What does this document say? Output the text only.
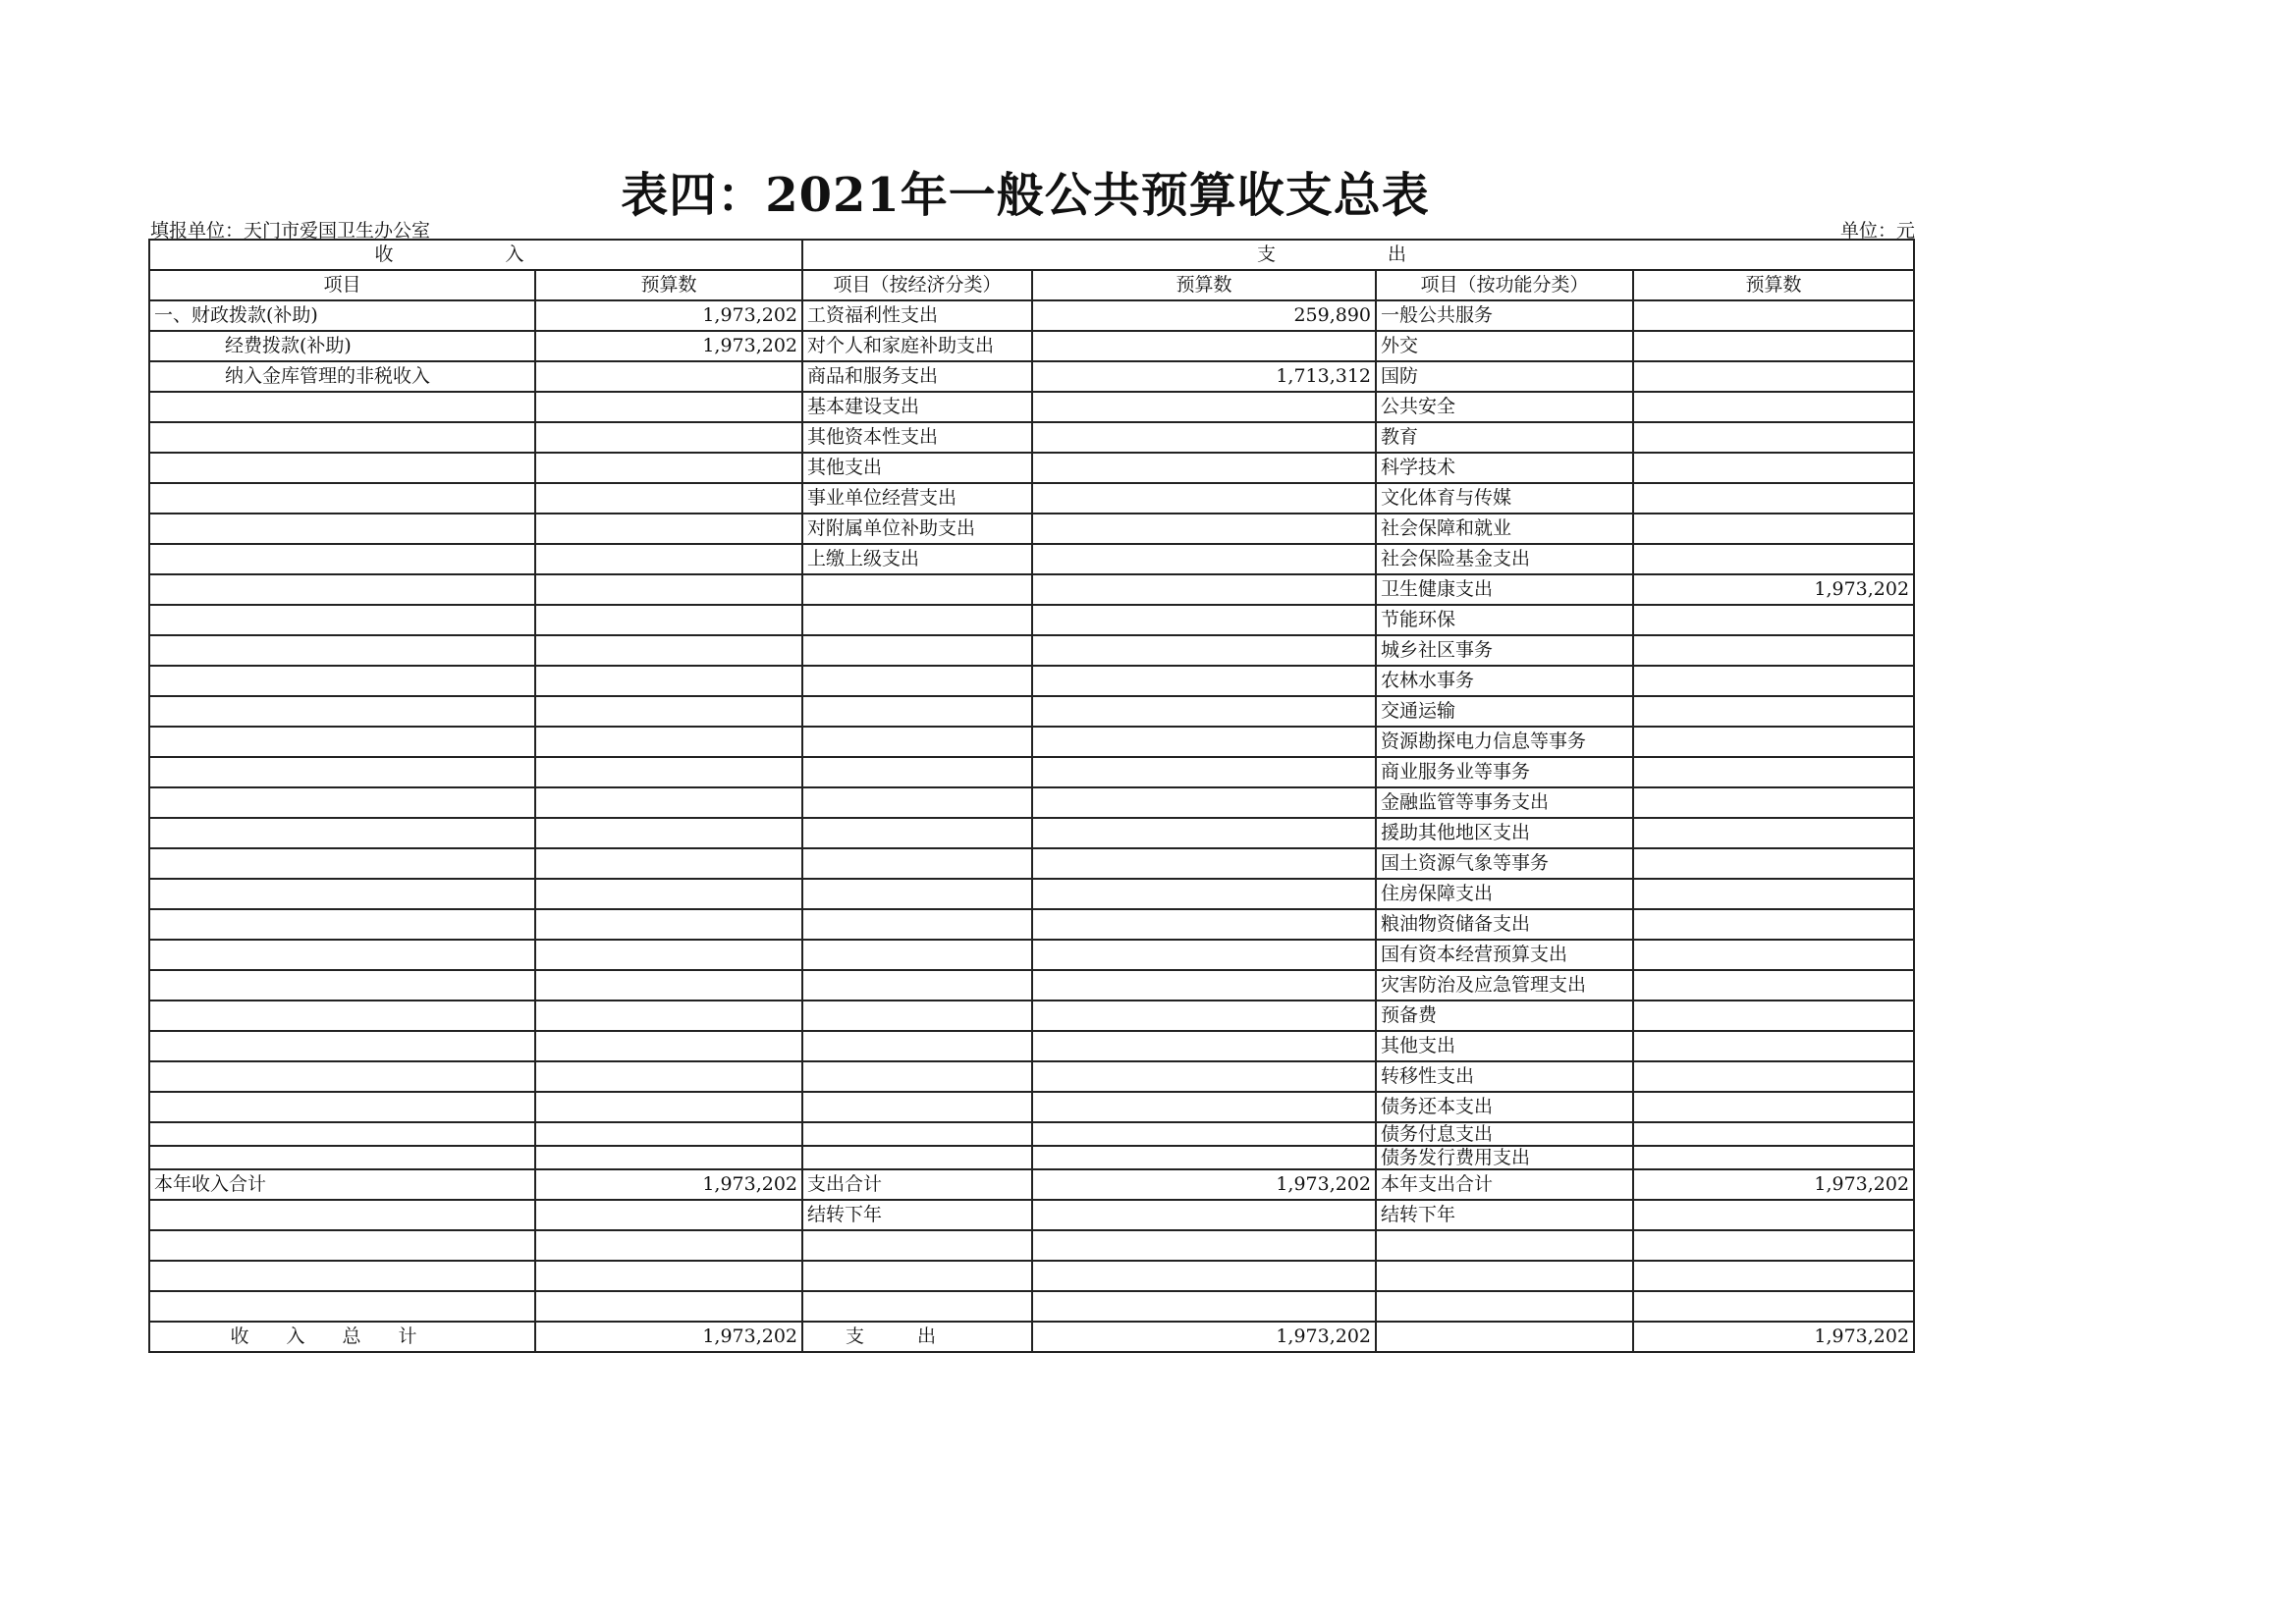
表四：2021年一般公共预算收支总表
填报单位：天门市爱国卫生办公室	单位：元
收 入		支 出			
项目	预算数	项目（按经济分类）	预算数	项目（按功能分类）	预算数
一、财政拨款(补助)	1,973,202	工资福利性支出	259,890	一般公共服务	
经费拨款(补助)	1,973,202	对个人和家庭补助支出		外交	
纳入金库管理的非税收入		商品和服务支出	1,713,312	国防	
		基本建设支出		公共安全	
		其他资本性支出		教育	
		其他支出		科学技术	
		事业单位经营支出		文化体育与传媒	
		对附属单位补助支出		社会保障和就业	
		上缴上级支出		社会保险基金支出	
				卫生健康支出	1,973,202
				节能环保	
				城乡社区事务	
				农林水事务	
				交通运输	
				资源勘探电力信息等事务	
				商业服务业等事务	
				金融监管等事务支出	
				援助其他地区支出	
				国土资源气象等事务	
				住房保障支出	
				粮油物资储备支出	
				国有资本经营预算支出	
				灾害防治及应急管理支出	
				预备费	
				其他支出	
				转移性支出	
				债务还本支出	
				债务付息支出	
				债务发行费用支出	
本年收入合计	1,973,202	支出合计	1,973,202	本年支出合计	1,973,202
		结转下年		结转下年	

收入总计	1,973,202	支出	1,973,202		1,973,202
